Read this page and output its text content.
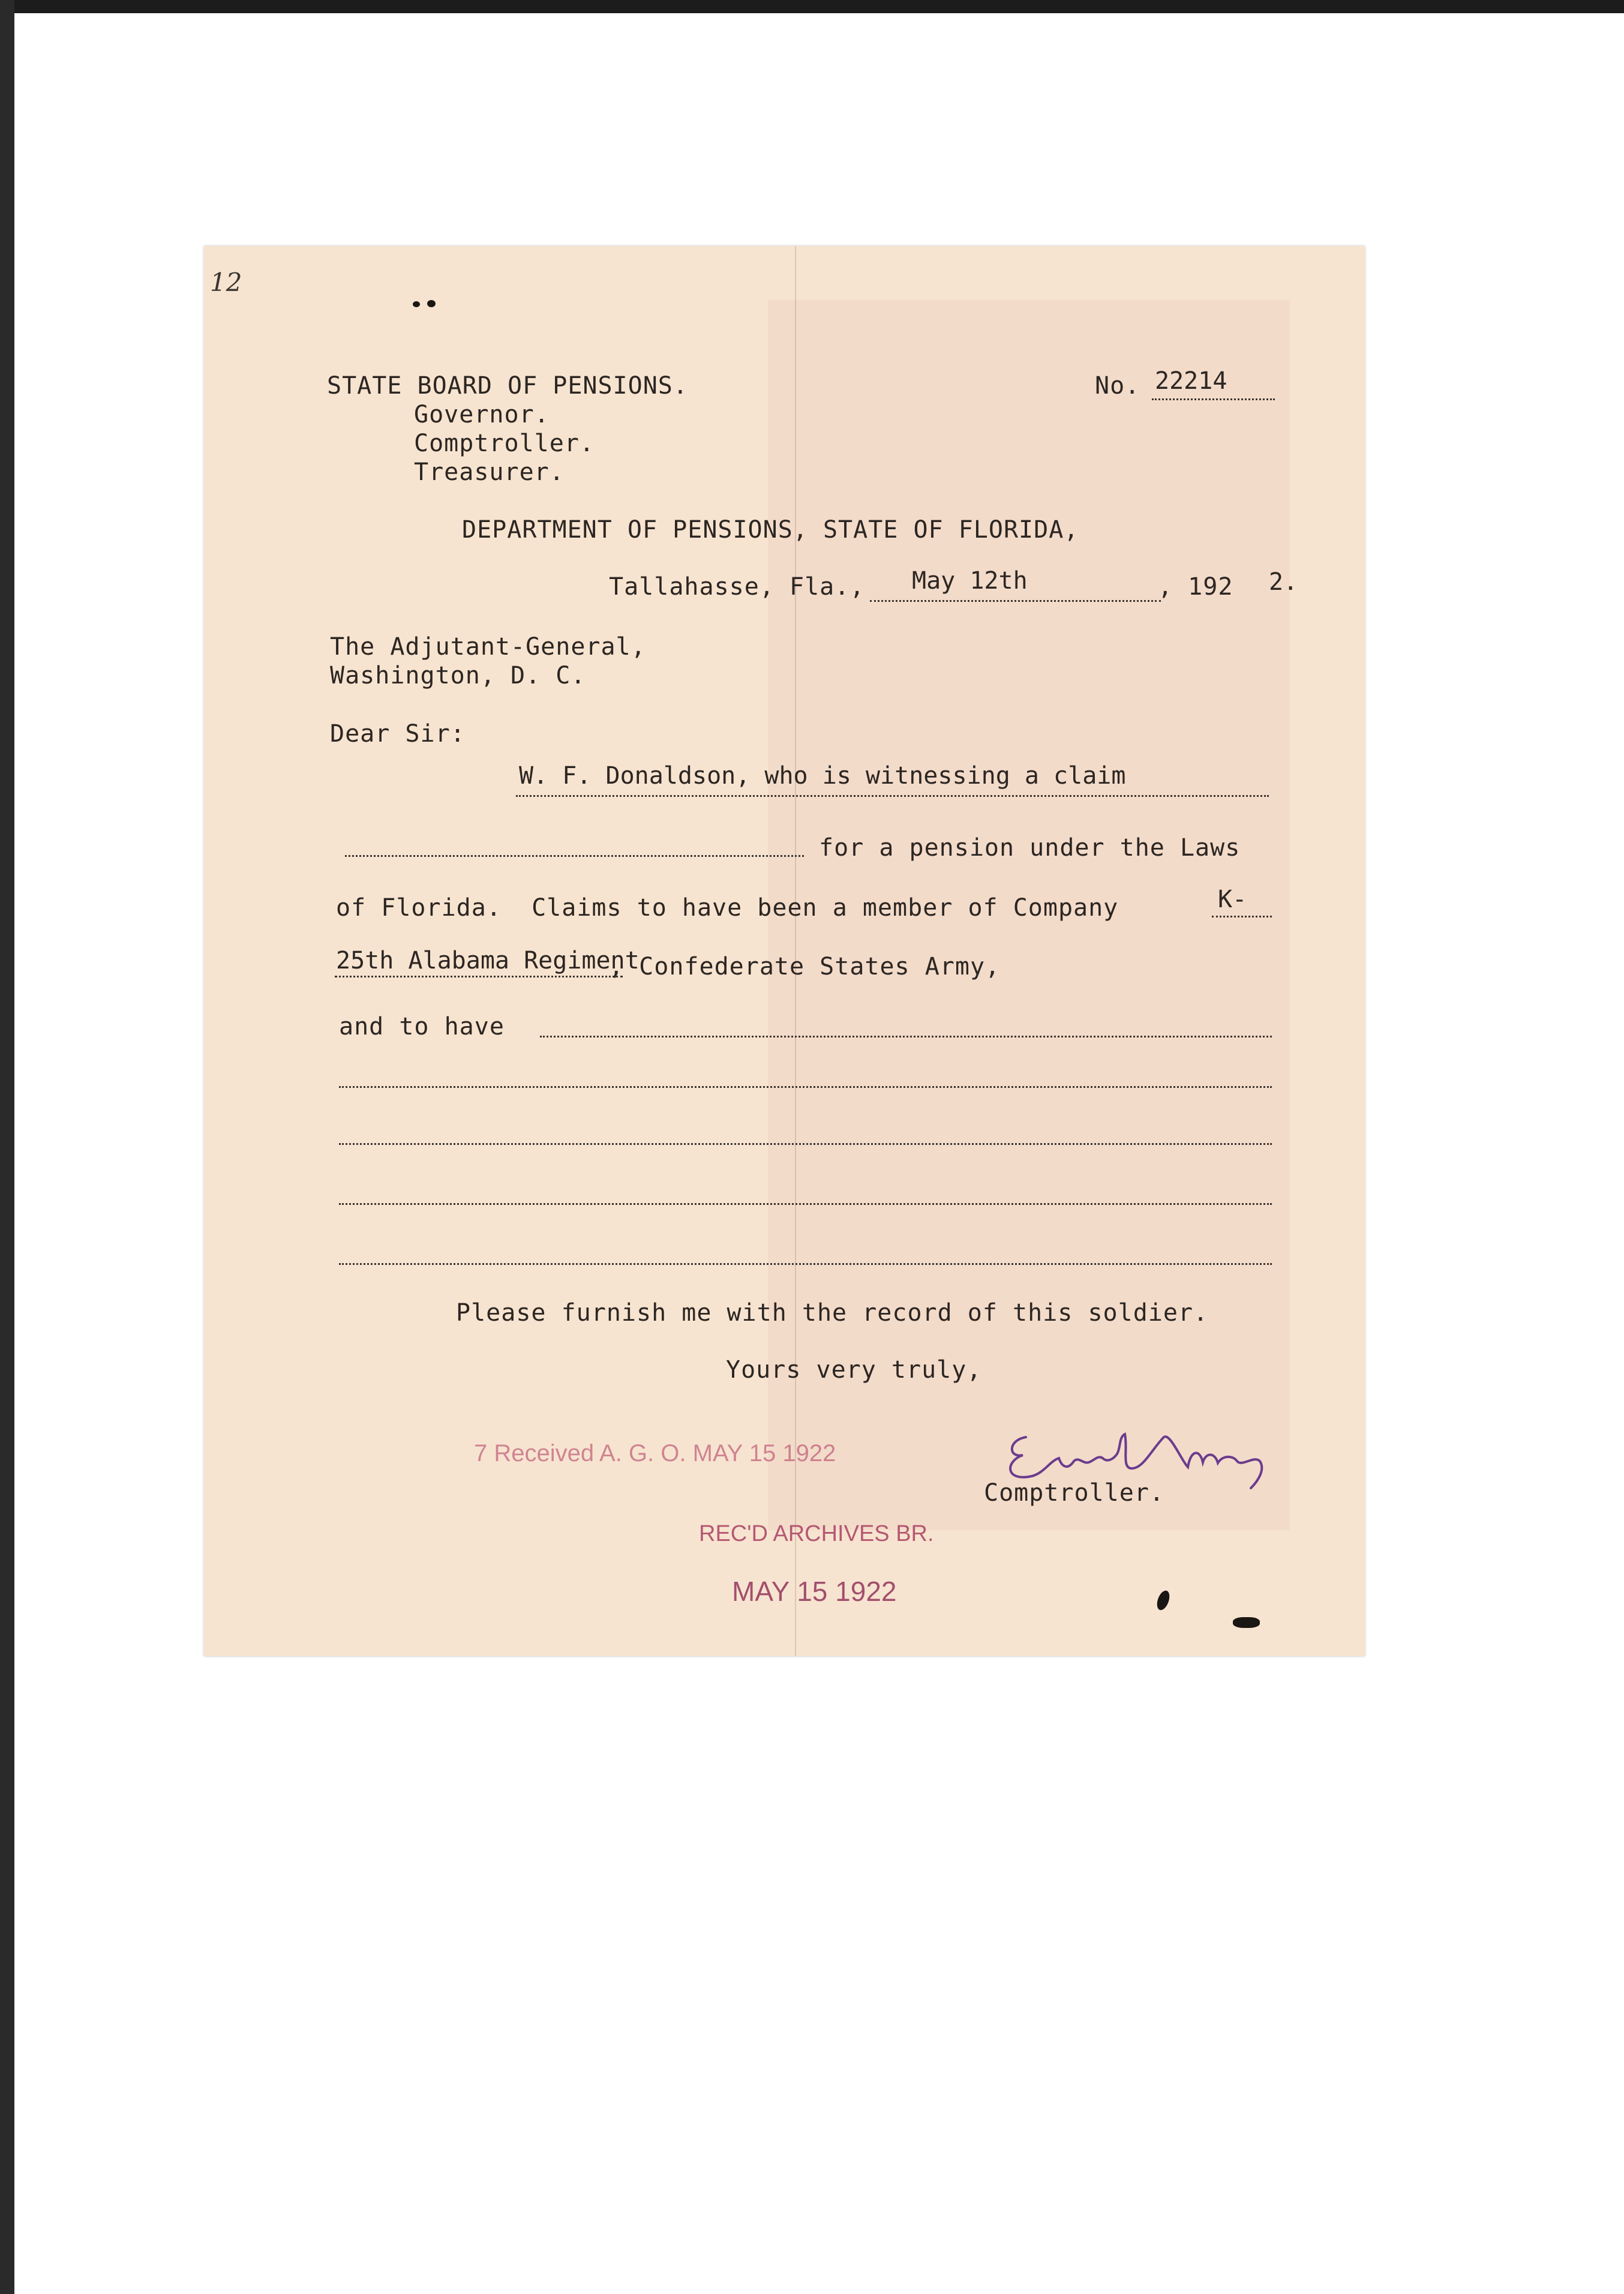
12
STATE BOARD OF PENSIONS.
Governor.
Comptroller.
Treasurer.
No. 22214
DEPARTMENT OF PENSIONS, STATE OF FLORIDA,
Tallahasse, Fla., May 12th	, 192 2.
The Adjutant-General,
Washington, D. C.
Dear Sir:
W. F. Donaldson, who is witnessing a claim
for a pension under the Laws
of Florida.  Claims to have been a member of Company	K-
25th Alabama Regiment
, Confederate States Army,
and to have
Please furnish me with the record of this soldier.
Yours very truly,
7 Received A. G. O. MAY 15 1922
REC'D ARCHIVES BR.
MAY 15 1922
Comptroller.
